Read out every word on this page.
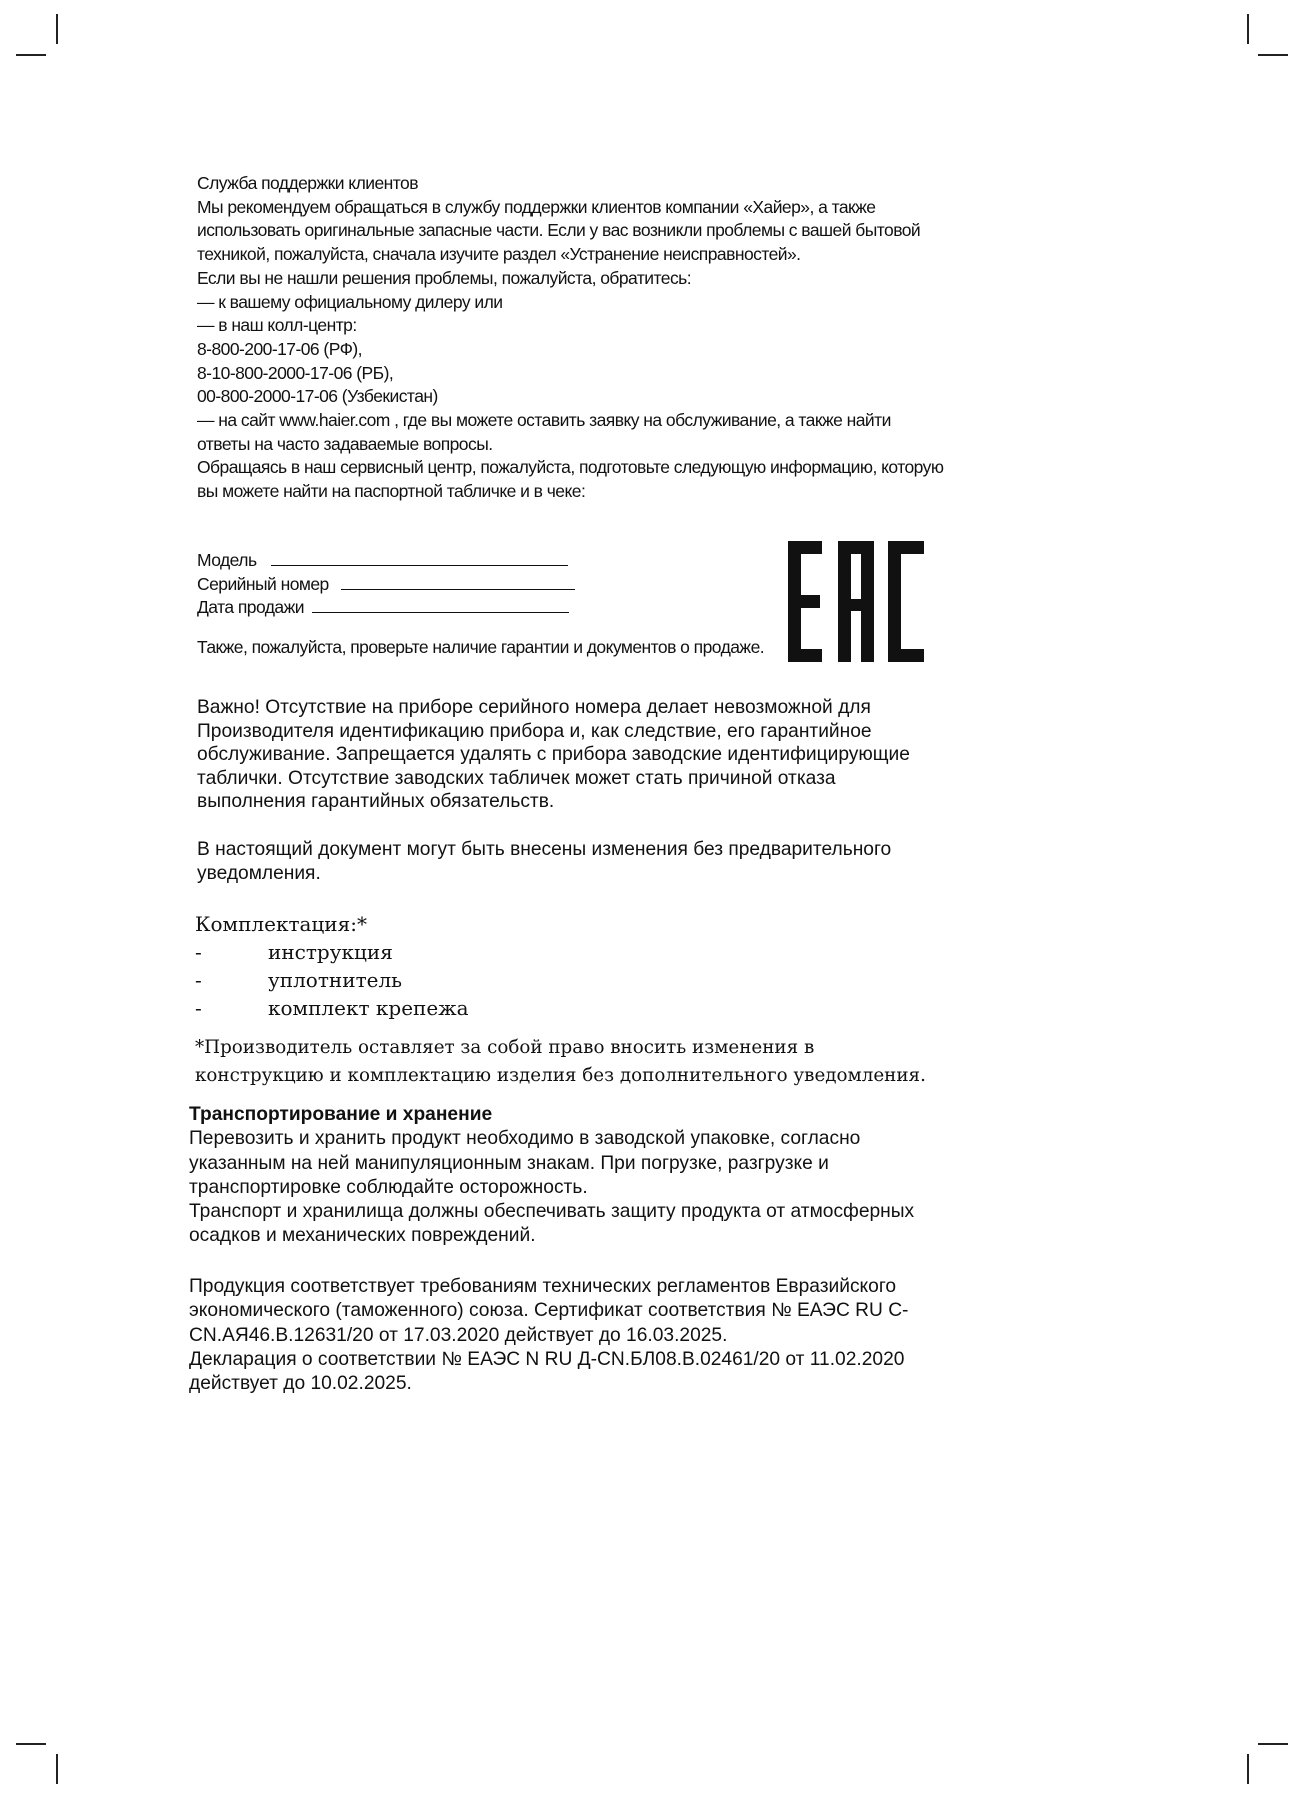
Служба поддержки клиентов
Мы рекомендуем обращаться в службу поддержки клиентов компании «Хайер», а также
использовать оригинальные запасные части. Если у вас возникли проблемы с вашей бытовой
техникой, пожалуйста, сначала изучите раздел «Устранение неисправностей».
Если вы не нашли решения проблемы, пожалуйста, обратитесь:
— к вашему официальному дилеру или
— в наш колл-центр:
8-800-200-17-06 (РФ),
8-10-800-2000-17-06 (РБ),
00-800-2000-17-06 (Узбекистан)
— на сайт www.haier.com , где вы можете оставить заявку на обслуживание, а также найти
ответы на часто задаваемые вопросы.
Обращаясь в наш сервисный центр, пожалуйста, подготовьте следующую информацию, которую
вы можете найти на паспортной табличке и в чеке:
Модель
Серийный номер
Дата продажи
Также, пожалуйста, проверьте наличие гарантии и документов о продаже.
Важно! Отсутствие на приборе серийного номера делает невозможной для
Производителя идентификацию прибора и, как следствие, его гарантийное
обслуживание. Запрещается удалять с прибора заводские идентифицирующие
таблички. Отсутствие заводских табличек может стать причиной отказа
выполнения гарантийных обязательств.
В настоящий документ могут быть внесены изменения без предварительного
уведомления.
Комплектация:*
-	инструкция
-	уплотнитель
-	комплект крепежа
*Производитель оставляет за собой право вносить изменения в
конструкцию и комплектацию изделия без дополнительного уведомления.
Транспортирование и хранение
Перевозить и хранить продукт необходимо в заводской упаковке, согласно
указанным на ней манипуляционным знакам. При погрузке, разгрузке и
транспортировке соблюдайте осторожность.
Транспорт и хранилища должны обеспечивать защиту продукта от атмосферных
осадков и механических повреждений.
Продукция соответствует требованиям технических регламентов Евразийского
экономического (таможенного) союза. Сертификат соответствия № ЕАЭС RU C-
CN.АЯ46.В.12631/20 от 17.03.2020 действует до 16.03.2025.
Декларация о соответствии № ЕАЭС N RU Д-CN.БЛ08.В.02461/20 от 11.02.2020
действует до 10.02.2025.
